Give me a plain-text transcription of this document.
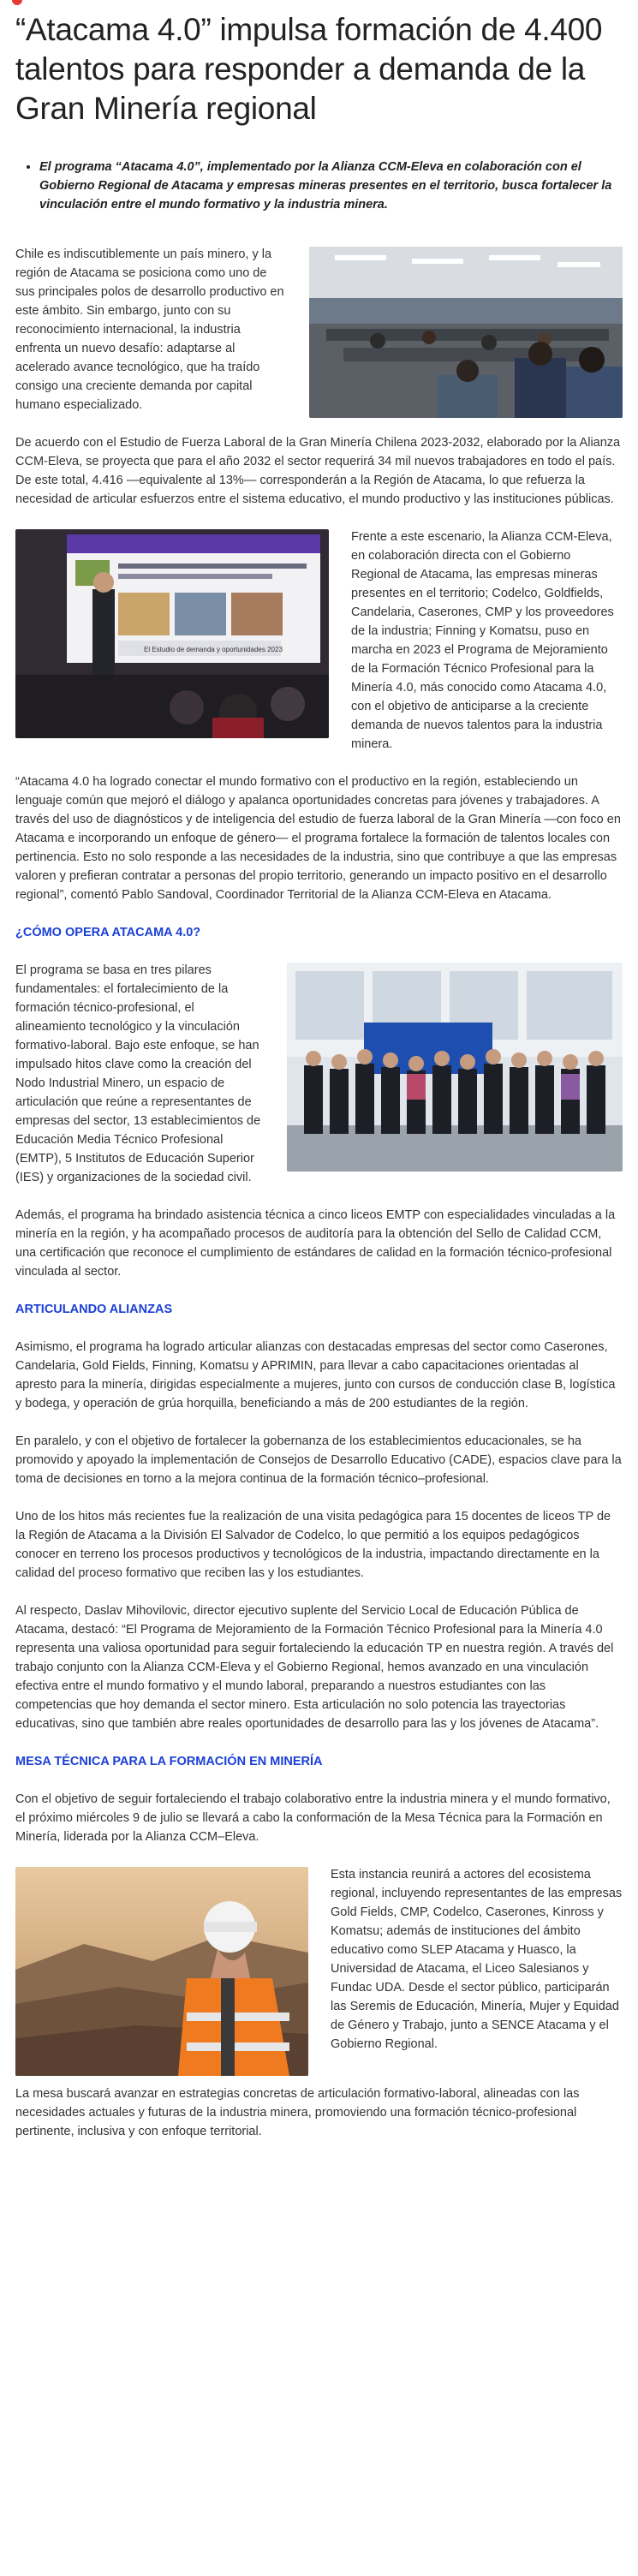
“Atacama 4.0” impulsa formación de 4.400 talentos para responder a demanda de la Gran Minería regional
• El programa “Atacama 4.0”, implementado por la Alianza CCM-Eleva en colaboración con el Gobierno Regional de Atacama y empresas mineras presentes en el territorio, busca fortalecer la vinculación entre el mundo formativo y la industria minera.

Chile es indiscutiblemente un país minero, y la región de Atacama se posiciona como uno de sus principales polos de desarrollo productivo en este ámbito. Sin embargo, junto con su reconocimiento internacional, la industria enfrenta un nuevo desafío: adaptarse al acelerado avance tecnológico, que ha traído consigo una creciente demanda por capital humano especializado.

De acuerdo con el Estudio de Fuerza Laboral de la Gran Minería Chilena 2023-2032, elaborado por la Alianza CCM-Eleva, se proyecta que para el año 2032 el sector requerirá 34 mil nuevos trabajadores en todo el país. De este total, 4.416 —equivalente al 13%— corresponderán a la Región de Atacama, lo que refuerza la necesidad de articular esfuerzos entre el sistema educativo, el mundo productivo y las instituciones públicas.

El Estudio de demanda y oportunidades 2023

Frente a este escenario, la Alianza CCM-Eleva, en colaboración directa con el Gobierno Regional de Atacama, las empresas mineras presentes en el territorio; Codelco, Goldfields, Candelaria, Caserones, CMP y los proveedores de la industria; Finning y Komatsu, puso en marcha en 2023 el Programa de Mejoramiento de la Formación Técnico Profesional para la Minería 4.0, más conocido como Atacama 4.0, con el objetivo de anticiparse a la creciente demanda de nuevos talentos para la industria minera.

“Atacama 4.0 ha logrado conectar el mundo formativo con el productivo en la región, estableciendo un lenguaje común que mejoró el diálogo y apalanca oportunidades concretas para jóvenes y trabajadores. A través del uso de diagnósticos y de inteligencia del estudio de fuerza laboral de la Gran Minería —con foco en Atacama e incorporando un enfoque de género— el programa fortalece la formación de talentos locales con pertinencia. Esto no solo responde a las necesidades de la industria, sino que contribuye a que las empresas valoren y prefieran contratar a personas del propio territorio, generando un impacto positivo en el desarrollo regional”, comentó Pablo Sandoval, Coordinador Territorial de la Alianza CCM-Eleva en Atacama.

¿CÓMO OPERA ATACAMA 4.0?

El programa se basa en tres pilares fundamentales: el fortalecimiento de la formación técnico-profesional, el alineamiento tecnológico y la vinculación formativo-laboral. Bajo este enfoque, se han impulsado hitos clave como la creación del Nodo Industrial Minero, un espacio de articulación que reúne a representantes de empresas del sector, 13 establecimientos de Educación Media Técnico Profesional (EMTP), 5 Institutos de Educación Superior (IES) y organizaciones de la sociedad civil.

Además, el programa ha brindado asistencia técnica a cinco liceos EMTP con especialidades vinculadas a la minería en la región, y ha acompañado procesos de auditoría para la obtención del Sello de Calidad CCM, una certificación que reconoce el cumplimiento de estándares de calidad en la formación técnico-profesional vinculada al sector.

ARTICULANDO ALIANZAS

Asimismo, el programa ha logrado articular alianzas con destacadas empresas del sector como Caserones, Candelaria, Gold Fields, Finning, Komatsu y APRIMIN, para llevar a cabo capacitaciones orientadas al apresto para la minería, dirigidas especialmente a mujeres, junto con cursos de conducción clase B, logística y bodega, y operación de grúa horquilla, beneficiando a más de 200 estudiantes de la región.

En paralelo, y con el objetivo de fortalecer la gobernanza de los establecimientos educacionales, se ha promovido y apoyado la implementación de Consejos de Desarrollo Educativo (CADE), espacios clave para la toma de decisiones en torno a la mejora continua de la formación técnico–profesional.

Uno de los hitos más recientes fue la realización de una visita pedagógica para 15 docentes de liceos TP de la Región de Atacama a la División El Salvador de Codelco, lo que permitió a los equipos pedagógicos conocer en terreno los procesos productivos y tecnológicos de la industria, impactando directamente en la calidad del proceso formativo que reciben las y los estudiantes.

Al respecto, Daslav Mihovilovic, director ejecutivo suplente del Servicio Local de Educación Pública de Atacama, destacó: “El Programa de Mejoramiento de la Formación Técnico Profesional para la Minería 4.0 representa una valiosa oportunidad para seguir fortaleciendo la educación TP en nuestra región. A través del trabajo conjunto con la Alianza CCM-Eleva y el Gobierno Regional, hemos avanzado en una vinculación efectiva entre el mundo formativo y el mundo laboral, preparando a nuestros estudiantes con las competencias que hoy demanda el sector minero. Esta articulación no solo potencia las trayectorias educativas, sino que también abre reales oportunidades de desarrollo para las y los jóvenes de Atacama”.

MESA TÉCNICA PARA LA FORMACIÓN EN MINERÍA

Con el objetivo de seguir fortaleciendo el trabajo colaborativo entre la industria minera y el mundo formativo, el próximo miércoles 9 de julio se llevará a cabo la conformación de la Mesa Técnica para la Formación en Minería, liderada por la Alianza CCM–Eleva.

Esta instancia reunirá a actores del ecosistema regional, incluyendo representantes de las empresas Gold Fields, CMP, Codelco, Caserones, Kinross y Komatsu; además de instituciones del ámbito educativo como SLEP Atacama y Huasco, la Universidad de Atacama, el Liceo Salesianos y Fundac UDA. Desde el sector público, participarán las Seremis de Educación, Minería, Mujer y Equidad de Género y Trabajo, junto a SENCE Atacama y el Gobierno Regional.

La mesa buscará avanzar en estrategias concretas de articulación formativo-laboral, alineadas con las necesidades actuales y futuras de la industria minera, promoviendo una formación técnico-profesional pertinente, inclusiva y con enfoque territorial.
